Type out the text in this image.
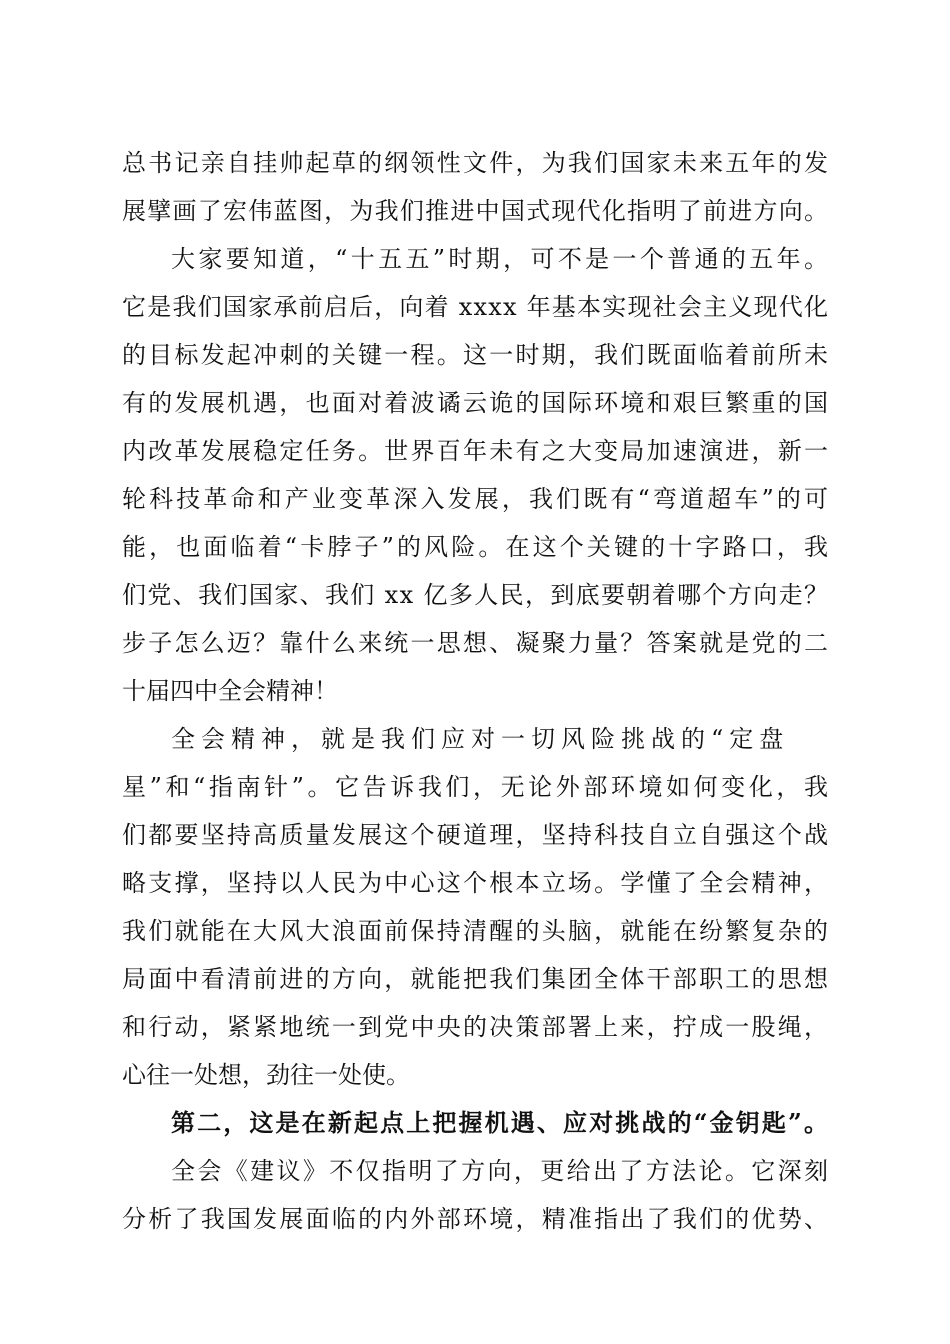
总书记亲自挂帅起草的纲领性文件，为我们国家未来五年的发
展擘画了宏伟蓝图，为我们推进中国式现代化指明了前进方向。
大家要知道，“十五五”时期，可不是一个普通的五年。
它是我们国家承前启后，向着 xxxx 年基本实现社会主义现代化
的目标发起冲刺的关键一程。这一时期，我们既面临着前所未
有的发展机遇，也面对着波谲云诡的国际环境和艰巨繁重的国
内改革发展稳定任务。世界百年未有之大变局加速演进，新一
轮科技革命和产业变革深入发展，我们既有“弯道超车”的可
能，也面临着“卡脖子”的风险。在这个关键的十字路口，我
们党、我们国家、我们 xx 亿多人民，到底要朝着哪个方向走？
步子怎么迈？靠什么来统一思想、凝聚力量？答案就是党的二
十届四中全会精神！
全会精神，就是我们应对一切风险挑战的“定盘
星”和“指南针”。它告诉我们，无论外部环境如何变化，我
们都要坚持高质量发展这个硬道理，坚持科技自立自强这个战
略支撑，坚持以人民为中心这个根本立场。学懂了全会精神，
我们就能在大风大浪面前保持清醒的头脑，就能在纷繁复杂的
局面中看清前进的方向，就能把我们集团全体干部职工的思想
和行动，紧紧地统一到党中央的决策部署上来，拧成一股绳，
心往一处想，劲往一处使。
第二，这是在新起点上把握机遇、应对挑战的“金钥匙”。
全会《建议》不仅指明了方向，更给出了方法论。它深刻
分析了我国发展面临的内外部环境，精准指出了我们的优势、
